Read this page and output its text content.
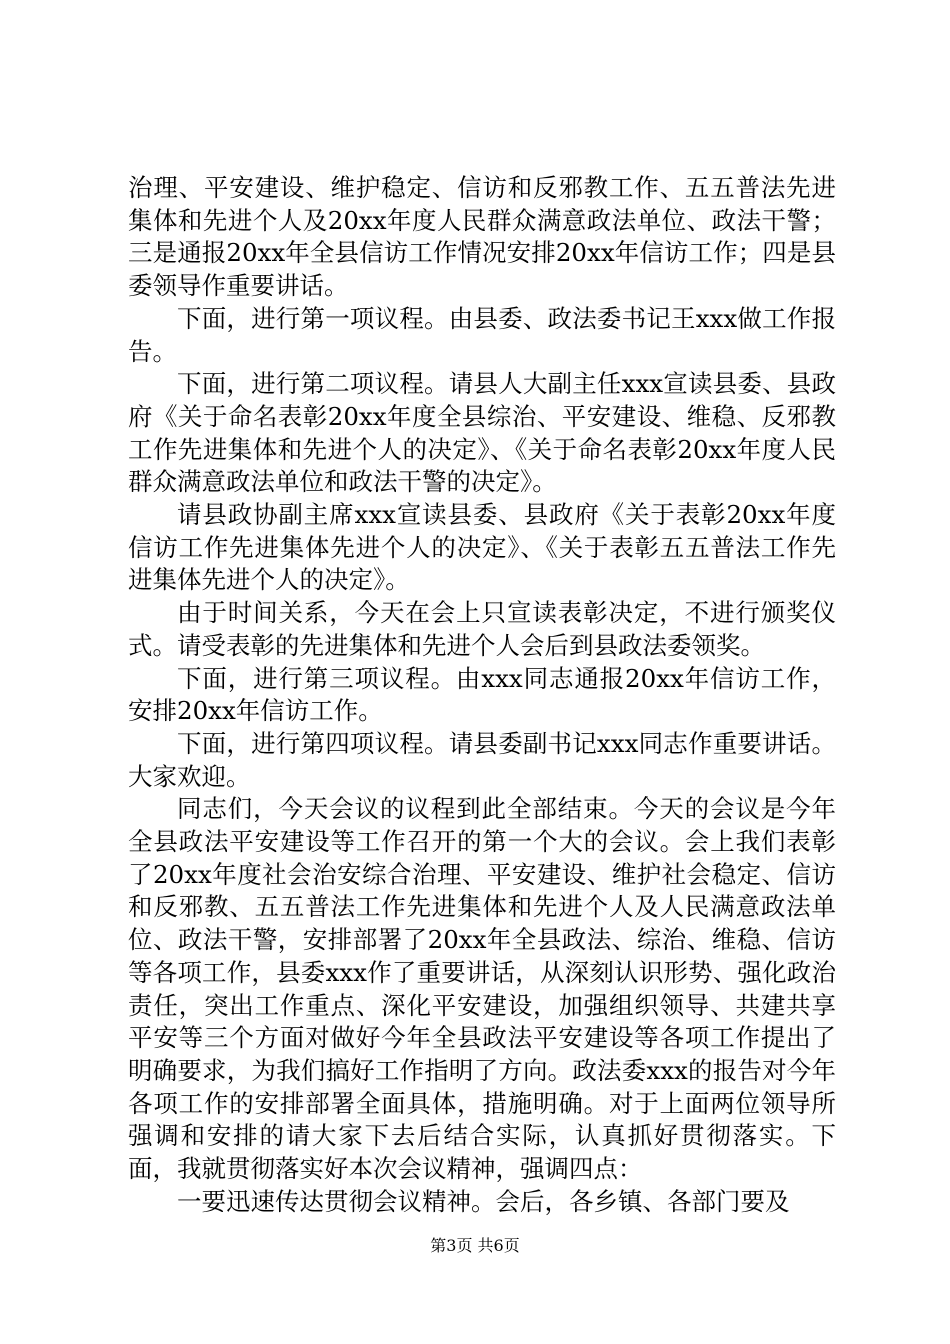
治理、平安建设、维护稳定、信访和反邪教工作、五五普法先进集体和先进个人及20xx年度人民群众满意政法单位、政法干警；三是通报20xx年全县信访工作情况安排20xx年信访工作；四是县委领导作重要讲话。

下面，进行第一项议程。由县委、政法委书记王xxx做工作报告。

下面，进行第二项议程。请县人大副主任xxx宣读县委、县政府《关于命名表彰20xx年度全县综治、平安建设、维稳、反邪教工作先进集体和先进个人的决定》、《关于命名表彰20xx年度人民群众满意政法单位和政法干警的决定》。

请县政协副主席xxx宣读县委、县政府《关于表彰20xx年度信访工作先进集体先进个人的决定》、《关于表彰五五普法工作先进集体先进个人的决定》。

由于时间关系，今天在会上只宣读表彰决定，不进行颁奖仪式。请受表彰的先进集体和先进个人会后到县政法委领奖。

下面，进行第三项议程。由xxx同志通报20xx年信访工作，安排20xx年信访工作。

下面，进行第四项议程。请县委副书记xxx同志作重要讲话。大家欢迎。

同志们，今天会议的议程到此全部结束。今天的会议是今年全县政法平安建设等工作召开的第一个大的会议。会上我们表彰了20xx年度社会治安综合治理、平安建设、维护社会稳定、信访和反邪教、五五普法工作先进集体和先进个人及人民满意政法单位、政法干警，安排部署了20xx年全县政法、综治、维稳、信访等各项工作，县委xxx作了重要讲话，从深刻认识形势、强化政治责任，突出工作重点、深化平安建设，加强组织领导、共建共享平安等三个方面对做好今年全县政法平安建设等各项工作提出了明确要求，为我们搞好工作指明了方向。政法委xxx的报告对今年各项工作的安排部署全面具体，措施明确。对于上面两位领导所强调和安排的请大家下去后结合实际，认真抓好贯彻落实。下面，我就贯彻落实好本次会议精神，强调四点：

一要迅速传达贯彻会议精神。会后，各乡镇、各部门要及

第3页 共6页
